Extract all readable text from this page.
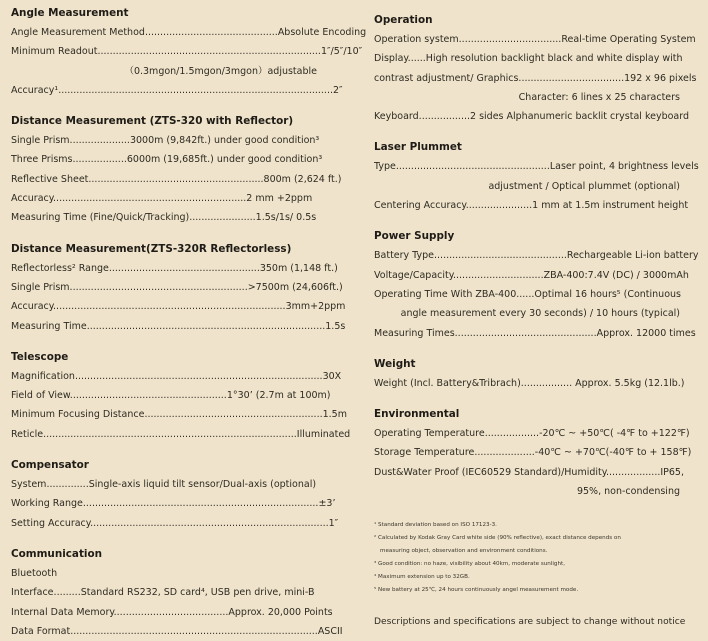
Angle Measurement
Angle Measurement Method............................................Absolute Encoding
Minimum Readout..........................................................................1″/5″/10″
（0.3mgon/1.5mgon/3mgon）adjustable
Accuracy¹...........................................................................................2″
Distance Measurement (ZTS-320 with Reflector)
Single Prism....................3000m (9,842ft.) under good condition³
Three Prisms..................6000m (19,685ft.) under good condition³
Reflective Sheet..........................................................800m (2,624 ft.)
Accuracy................................................................2 mm +2ppm
Measuring Time (Fine/Quick/Tracking)......................1.5s/1s/ 0.5s
Distance Measurement(ZTS-320R Reflectorless)
Reflectorless² Range..................................................350m (1,148 ft.)
Single Prism...........................................................>7500m (24,606ft.)
Accuracy.............................................................................3mm+2ppm
Measuring Time...............................................................................1.5s
Telescope
Magnification..................................................................................30X
Field of View....................................................1°30’ (2.7m at 100m)
Minimum Focusing Distance...........................................................1.5m
Reticle....................................................................................Illuminated
Compensator
System..............Single-axis liquid tilt sensor/Dual-axis (optional)
Working Range..............................................................................±3’
Setting Accuracy...............................................................................1″
Communication
Bluetooth
Interface.........Standard RS232, SD card⁴, USB pen drive, mini-B
Internal Data Memory......................................Approx. 20,000 Points
Data Format..................................................................................ASCII
Operation
Operation system..................................Real-time Operating System
Display......High resolution backlight black and white display with
contrast adjustment/ Graphics...................................192 x 96 pixels
Character: 6 lines x 25 characters
Keyboard.................2 sides Alphanumeric backlit crystal keyboard
Laser Plummet
Type...................................................Laser point, 4 brightness levels
adjustment / Optical plummet (optional)
Centering Accuracy......................1 mm at 1.5m instrument height
Power Supply
Battery Type............................................Rechargeable Li-ion battery
Voltage/Capacity..............................ZBA-400:7.4V (DC) / 3000mAh
Operating Time With ZBA-400......Optimal 16 hours⁵ (Continuous
angle measurement every 30 seconds) / 10 hours (typical)
Measuring Times...............................................Approx. 12000 times
Weight
Weight (Incl. Battery&Tribrach)................. Approx. 5.5kg (12.1lb.)
Environmental
Operating Temperature..................-20℃ ~ +50℃( -4℉ to +122℉)
Storage Temperature....................-40℃ ~ +70℃(-40℉ to + 158℉)
Dust&Water Proof (IEC60529 Standard)/Humidity..................IP65,
95%, non-condensing
¹ Standard deviation based on ISO 17123-3.
² Calculated by Kodak Gray Card white side (90% reflective), exact distance depends on
measuring object, observation and environment conditions.
³ Good condition: no haze, visibility about 40km, moderate sunlight,
⁴ Maximum extension up to 32GB.
⁵ New battery at 25℃, 24 hours continuously angel measurement mode.
Descriptions and specifications are subject to change without notice
